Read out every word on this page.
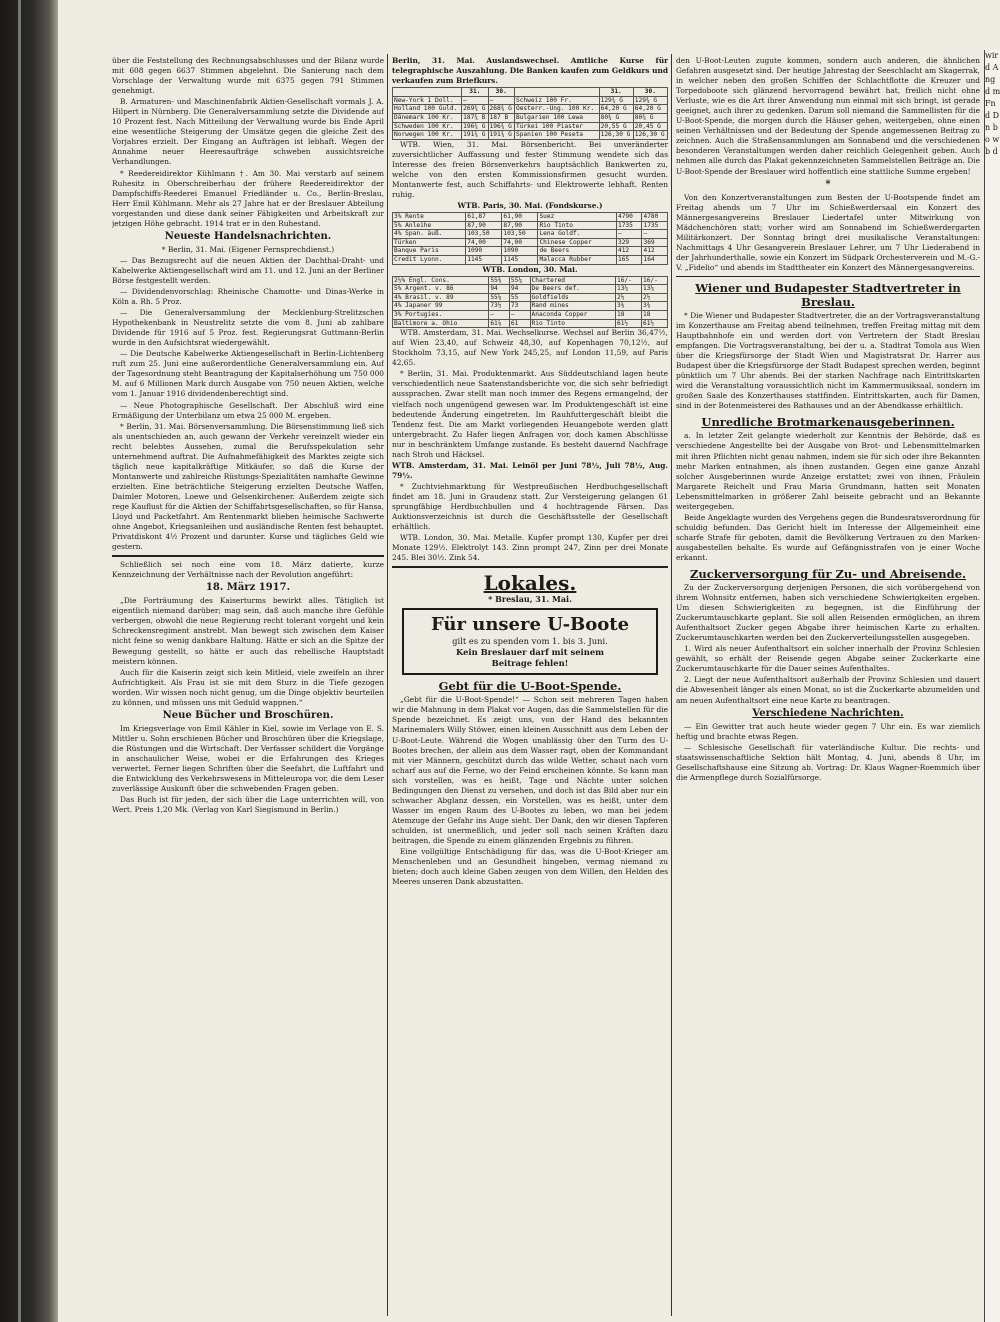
über die Feststellung des Rechnungsabschlusses und der Bilanz wurde mit 608 gegen 6637 Stimmen abgelehnt. Die Sanierung nach dem Vorschlage der Verwaltung wurde mit 6375 gegen 791 Stimmen genehmigt.

B. Armaturen- und Maschinenfabrik Aktien-Gesellschaft vormals J. A. Hilpert in Nürnberg. Die Generalversammlung setzte die Dividende auf 10 Prozent fest. Nach Mitteilung der Verwaltung wurde bis Ende April eine wesentliche Steigerung der Umsätze gegen die gleiche Zeit des Vorjahres erzielt. Der Eingang an Aufträgen ist lebhaft. Wegen der Annahme neuer Heeresaufträge schweben aussichtsreiche Verhandlungen.

* Reedereidirektor Kühlmann †. Am 30. Mai verstarb auf seinem Ruhesitz in Oberschreiberhau der frühere Reedereidirektor der Dampfschiffs-Reederei Emanuel Friedländer u. Co., Berlin-Breslau, Herr Emil Kühlmann. Mehr als 27 Jahre hat er der Breslauer Abteilung vorgestanden und diese dank seiner Fähigkeiten und Arbeitskraft zur jetzigen Höhe gebracht. 1914 trat er in den Ruhestand.

Neueste Handelsnachrichten.

* Berlin, 31. Mai. (Eigener Fernsprechdienst.)

— Das Bezugsrecht auf die neuen Aktien der Dachthal-Draht- und Kabelwerke Aktiengesellschaft wird am 11. und 12. Juni an der Berliner Börse festgestellt werden.

— Dividendenvorschlag: Rheinische Chamotte- und Dinas-Werke in Köln a. Rh. 5 Proz.

— Die Generalversammlung der Mecklenburg-Strelitzschen Hypothekenbank in Neustrelitz setzte die vom 8. Juni ab zahlbare Dividende für 1916 auf 5 Proz. fest. Regierungsrat Guttmann-Berlin wurde in den Aufsichtsrat wiedergewählt.

— Die Deutsche Kabelwerke Aktiengesellschaft in Berlin-Lichtenberg ruft zum 25. Juni eine außerordentliche Generalversammlung ein. Auf der Tagesordnung steht Beantragung der Kapitalserhöhung um 750 000 M. auf 6 Millionen Mark durch Ausgabe von 750 neuen Aktien, welche vom 1. Januar 1916 dividendenberechtigt sind.

— Neue Photographische Gesellschaft. Der Abschluß wird eine Ermäßigung der Unterbilanz um etwa 25 000 M. ergeben.

* Berlin, 31. Mai. Börsenversammlung. Die Börsenstimmung ließ sich als unentschieden an, auch gewann der Verkehr vereinzelt wieder ein recht belebtes Aussehen, zumal die Berufsspekulation sehr unternehmend auftrat. Die Aufnahmefähigkeit des Marktes zeigte sich täglich neue kapitalkräftige Mitkäufer, so daß die Kurse der Montanwerte und zahlreiche Rüstungs-Spezialitäten namhafte Gewinne erzielten. Eine beträchtliche Steigerung erzielten Deutsche Waffen, Daimler Motoren, Loewe und Gelsenkirchener. Außerdem zeigte sich rege Kauflust für die Aktien der Schiffahrtsgesellschaften, so für Hansa, Lloyd und Packetfahrt. Am Rentenmarkt blieben heimische Sachwerte ohne Angebot, Kriegsanleihen und ausländische Renten fest behauptet. Privatdiskont 4½ Prozent und darunter. Kurse und tägliches Geld wie gestern.

Schließlich sei noch eine vom 18. März datierte, kurze Kennzeichnung der Verhältnisse nach der Revolution angeführt:

18. März 1917.

„Die Forträumung des Kaiserturms bewirkt alles. Tätiglich ist eigentlich niemand darüber; mag sein, daß auch manche ihre Gefühle verbergen, obwohl die neue Regierung recht tolerant vorgeht und kein Schreckensregiment anstrebt. Man bewegt sich zwischen dem Kaiser nicht feine so wenig dankbare Haltung. Hätte er sich an die Spitze der Bewegung gestellt, so hätte er auch das rebellische Hauptstadt meistern können.

Auch für die Kaiserin zeigt sich kein Mitleid, viele zweifeln an ihrer Aufrichtigkeit. Als Frau ist sie mit dem Sturz in die Tiefe gezogen worden. Wir wissen noch nicht genug, um die Dinge objektiv beurteilen zu können, und müssen uns mit Geduld wappnen.“

Neue Bücher und Broschüren.

Im Kriegsverlage von Emil Kähler in Kiel, sowie im Verlage von E. S. Mittler u. Sohn erschienen Bücher und Broschüren über die Kriegslage, die Rüstungen und die Wirtschaft. Der Verfasser schildert die Vorgänge in anschaulicher Weise, wobei er die Erfahrungen des Krieges verwertet. Ferner liegen Schriften über die Seefahrt, die Luftfahrt und die Entwicklung des Verkehrswesens in Mitteleuropa vor, die dem Leser zuverlässige Auskunft über die schwebenden Fragen geben.

Das Buch ist für jeden, der sich über die Lage unterrichten will, von Wert. Preis 1,20 Mk. (Verlag von Karl Siegismund in Berlin.)

Berlin, 31. Mai. Auslandswechsel. Amtliche Kurse für telegraphische Auszahlung. Die Banken kaufen zum Geldkurs und verkaufen zum Briefkurs.

	31.	30.		31.	30.
New-York 1 Doll.	—	—	Schweiz 100 Fr.	129¾ G	129¾ G
Holland 100 Guld.	269¾ G	268¾ G	Oesterr.-Ung. 100 Kr.	64,20 G	64,20 G
Dänemark 100 Kr.	187¾ B	187 B	Bulgarien 100 Lewa	80¾ G	80¾ G
Schweden 100 Kr.	196¾ G	196¾ G	Türkei 100 Piaster	20,55 G	20,45 G
Norwegen 100 Kr.	191¾ G	191¾ G	Spanien 100 Peseta	126,30 G	126,30 G

WTB. Wien, 31. Mai. Börsenbericht. Bei unveränderter zuversichtlicher Auffassung und fester Stimmung wendete sich das Interesse des freien Börsenverkehrs hauptsächlich Bankwerten zu, welche von den ersten Kommissionsfirmen gesucht wurden. Montanwerte fest, auch Schiffahrts- und Elektrowerte lebhaft. Renten ruhig.

WTB. Paris, 30. Mai. (Fondskurse.)

3% Rente	61,87	61,90	Suez	4790	4780
5% Anleihe	87,90	87,90	Rio Tinto	1735	1735
4% Span. äuß.	103,50	103,50	Lena Goldf.	—	—
Türken	74,00	74,00	Chinese Copper	329	369
Banque Paris	1090	1090	de Beers	412	412
Credit Lyonn.	1145	1145	Malacca Rubber	165	164

WTB. London, 30. Mai.

2½% Engl. Cons.	55⅜	55¼	Chartered	16/-	16/-
5% Argent. v. 86	94	94	De Beers def.	13¼	13¼
4% Brasil. v. 89	55¼	55	Goldfields	2½	2½
4% Japaner 99	73½	73	Rand mines	3⅜	3⅜
3% Portugies.	—	—	Anaconda Copper	18	18
Baltimore a. Ohio	61⅞	61	Rio Tinto	61½	61½

WTB. Amsterdam, 31. Mai. Wechselkurse. Wechsel auf Berlin 36,47½, auf Wien 23,40, auf Schweiz 48,30, auf Kopenhagen 70,12½, auf Stockholm 73,15, auf New York 245,25, auf London 11,59, auf Paris 42,65.

* Berlin, 31. Mai. Produktenmarkt. Aus Süddeutschland lagen heute verschiedentlich neue Saatenstandsberichte vor, die sich sehr befriedigt aussprachen. Zwar stellt man noch immer des Regens ermangelnd, der vielfach noch ungenügend gewesen war. Im Produktengeschäft ist eine bedeutende Änderung eingetreten. Im Rauhfuttergeschäft bleibt die Tendenz fest. Die am Markt vorliegenden Heuangebote werden glatt untergebracht. Zu Hafer liegen Anfragen vor, doch kamen Abschlüsse nur in beschränktem Umfange zustande. Es besteht dauernd Nachfrage nach Stroh und Häcksel.

WTB. Amsterdam, 31. Mai. Leinöl per Juni 78½, Juli 78½, Aug. 79½.

* Zuchtviehmarktung für Westpreußischen Herdbuchgesellschaft findet am 18. Juni in Graudenz statt. Zur Versteigerung gelangen 61 sprungfähige Herdbuchbullen und 4 hochtragende Färsen. Das Auktionsverzeichnis ist durch die Geschäftsstelle der Gesellschaft erhältlich.

WTB. London, 30. Mai. Metalle. Kupfer prompt 130, Kupfer per drei Monate 129½. Elektrolyt 143. Zinn prompt 247, Zinn per drei Monate 245. Blei 30½. Zink 54.

Lokales.
* Breslau, 31. Mai.
Für unsere U-Boote
gilt es zu spenden vom 1. bis 3. Juni.
Kein Breslauer darf mit seinem
Beitrage fehlen!

Gebt für die U-Boot-Spende.

„Gebt für die U-Boot-Spende!“ — Schon seit mehreren Tagen haben wir die Mahnung in dem Plakat vor Augen, das die Sammelstellen für die Spende bezeichnet. Es zeigt uns, von der Hand des bekannten Marinemalers Willy Stöwer, einen kleinen Ausschnitt aus dem Leben der U-Boot-Leute. Während die Wogen unablässig über den Turm des U-Bootes brechen, der allein aus dem Wasser ragt, oben der Kommandant mit vier Männern, geschützt durch das wilde Wetter, schaut nach vorn scharf aus auf die Ferne, wo der Feind erscheinen könnte. So kann man sich vorstellen, was es heißt, Tage und Nächte unter solchen Bedingungen den Dienst zu versehen, und doch ist das Bild aber nur ein schwacher Abglanz dessen, ein Vorstellen, was es heißt, unter dem Wasser im engen Raum des U-Bootes zu leben, wo man bei jedem Atemzuge der Gefahr ins Auge sieht. Der Dank, den wir diesen Tapferen schulden, ist unermeßlich, und jeder soll nach seinen Kräften dazu beitragen, die Spende zu einem glänzenden Ergebnis zu führen.

Eine vollgültige Entschädigung für das, was die U-Boot-Krieger am Menschenleben und an Gesundheit hingeben, vermag niemand zu bieten; doch auch kleine Gaben zeugen von dem Willen, den Helden des Meeres unseren Dank abzustatten.

den U-Boot-Leuten zugute kommen, sondern auch anderen, die ähnlichen Gefahren ausgesetzt sind. Der heutige Jahrestag der Seeschlacht am Skagerrak, in welcher neben den großen Schiffen der Schlachtflotte die Kreuzer und Torpedoboote sich glänzend hervorragend bewährt hat, freilich nicht ohne Verluste, wie es die Art ihrer Anwendung nun einmal mit sich bringt, ist gerade geeignet, auch ihrer zu gedenken. Darum soll niemand die Sammellisten für die U-Boot-Spende, die morgen durch die Häuser gehen, weitergeben, ohne einen seinen Verhältnissen und der Bedeutung der Spende angemessenen Beitrag zu zeichnen. Auch die Straßensammlungen am Sonnabend und die verschiedenen besonderen Veranstaltungen werden daher reichlich Gelegenheit geben. Auch nehmen alle durch das Plakat gekennzeichneten Sammelstellen Beiträge an. Die U-Boot-Spende der Breslauer wird hoffentlich eine stattliche Summe ergeben!

*

Von den Konzertveranstaltungen zum Besten der U-Bootspende findet am Freitag abends um 7 Uhr im Schießwerdersaal ein Konzert des Männergesangvereins Breslauer Liedertafel unter Mitwirkung von Mädchenchören statt; vorher wird am Sonnabend im Schießwerdergarten Militärkonzert. Der Sonntag bringt drei musikalische Veranstaltungen: Nachmittags 4 Uhr Gesangverein Breslauer Lehrer, um 7 Uhr Liederabend in der Jahrhunderthalle, sowie ein Konzert im Südpark Orchesterverein und M.-G.-V. „Fidelio“ und abends im Stadttheater ein Konzert des Männergesangvereins.

Wiener und Budapester Stadtvertreter in Breslau.

* Die Wiener und Budapester Stadtvertreter, die an der Vortragsveranstaltung im Konzerthause am Freitag abend teilnehmen, treffen Freitag mittag mit dem Hauptbahnhofe ein und werden dort von Vertretern der Stadt Breslau empfangen. Die Vortragsveranstaltung, bei der u. a. Stadtrat Tomola aus Wien über die Kriegsfürsorge der Stadt Wien und Magistratsrat Dr. Harrer aus Budapest über die Kriegsfürsorge der Stadt Budapest sprechen werden, beginnt pünktlich um 7 Uhr abends. Bei der starken Nachfrage nach Eintrittskarten wird die Veranstaltung voraussichtlich nicht im Kammermusiksaal, sondern im großen Saale des Konzerthauses stattfinden. Eintrittskarten, auch für Damen, sind in der Botenmeisterei des Rathauses und an der Abendkasse erhältlich.

Unredliche Brotmarkenausgeberinnen.

a. In letzter Zeit gelangte wiederholt zur Kenntnis der Behörde, daß es verschiedene Angestellte bei der Ausgabe von Brot- und Lebensmittelmarken mit ihren Pflichten nicht genau nahmen, indem sie für sich oder ihre Bekannten mehr Marken entnahmen, als ihnen zustanden. Gegen eine ganze Anzahl solcher Ausgeberinnen wurde Anzeige erstattet; zwei von ihnen, Fräulein Margarete Reichelt und Frau Maria Grundmann, hatten seit Monaten Lebensmittelmarken in größerer Zahl beiseite gebracht und an Bekannte weitergegeben.

Beide Angeklagte wurden des Vergehens gegen die Bundesratsverordnung für schuldig befunden. Das Gericht hielt im Interesse der Allgemeinheit eine scharfe Strafe für geboten, damit die Bevölkerung Vertrauen zu den Marken-ausgabestellen behalte. Es wurde auf Gefängnisstrafen von je einer Woche erkannt.

Zuckerversorgung für Zu- und Abreisende.

Zu der Zuckerversorgung derjenigen Personen, die sich vorübergehend von ihrem Wohnsitz entfernen, haben sich verschiedene Schwierigkeiten ergeben. Um diesen Schwierigkeiten zu begegnen, ist die Einführung der Zuckerumtauschkarte geplant. Sie soll allen Reisenden ermöglichen, an ihrem Aufenthaltsort Zucker gegen Abgabe ihrer heimischen Karte zu erhalten. Zuckerumtauschkarten werden bei den Zuckerverteilungsstellen ausgegeben.

1. Wird als neuer Aufenthaltsort ein solcher innerhalb der Provinz Schlesien gewählt, so erhält der Reisende gegen Abgabe seiner Zuckerkarte eine Zuckerumtauschkarte für die Dauer seines Aufenthaltes.

2. Liegt der neue Aufenthaltsort außerhalb der Provinz Schlesien und dauert die Abwesenheit länger als einen Monat, so ist die Zuckerkarte abzumelden und am neuen Aufenthaltsort eine neue Karte zu beantragen.

Verschiedene Nachrichten.

— Ein Gewitter trat auch heute wieder gegen 7 Uhr ein. Es war ziemlich heftig und brachte etwas Regen.

— Schlesische Gesellschaft für vaterländische Kultur. Die rechts- und staatswissenschaftliche Sektion hält Montag, 4. Juni, abends 8 Uhr, im Gesellschaftshause eine Sitzung ab. Vortrag: Dr. Klaus Wagner-Roemmich über die Armenpflege durch Sozialfürsorge.

wird Ang d m Fn d D n bo w b d
